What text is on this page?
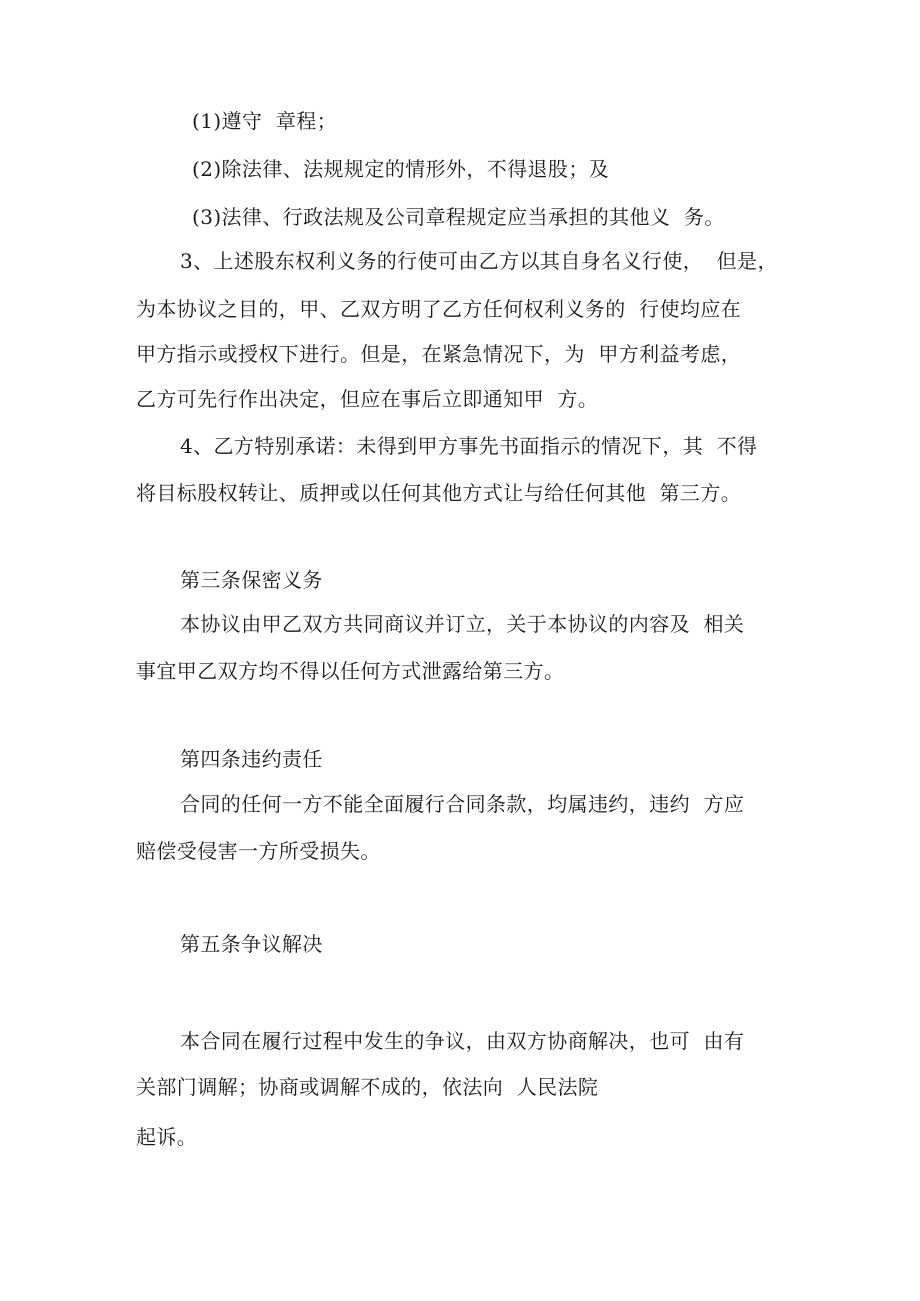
(1)遵守  章程；
(2)除法律、法规规定的情形外，不得退股；及
(3)法律、行政法规及公司章程规定应当承担的其他义  务。
3、上述股东权利义务的行使可由乙方以其自身名义行使，  但是，
为本协议之目的，甲、乙双方明了乙方任何权利义务的  行使均应在
甲方指示或授权下进行。但是，在紧急情况下，为  甲方利益考虑，
乙方可先行作出决定，但应在事后立即通知甲  方。
4、乙方特别承诺：未得到甲方事先书面指示的情况下，其  不得
将目标股权转让、质押或以任何其他方式让与给任何其他  第三方。
第三条保密义务
本协议由甲乙双方共同商议并订立，关于本协议的内容及  相关
事宜甲乙双方均不得以任何方式泄露给第三方。
第四条违约责任
合同的任何一方不能全面履行合同条款，均属违约，违约  方应
赔偿受侵害一方所受损失。
第五条争议解决
本合同在履行过程中发生的争议，由双方协商解决，也可  由有
关部门调解；协商或调解不成的，依法向  人民法院
起诉。
